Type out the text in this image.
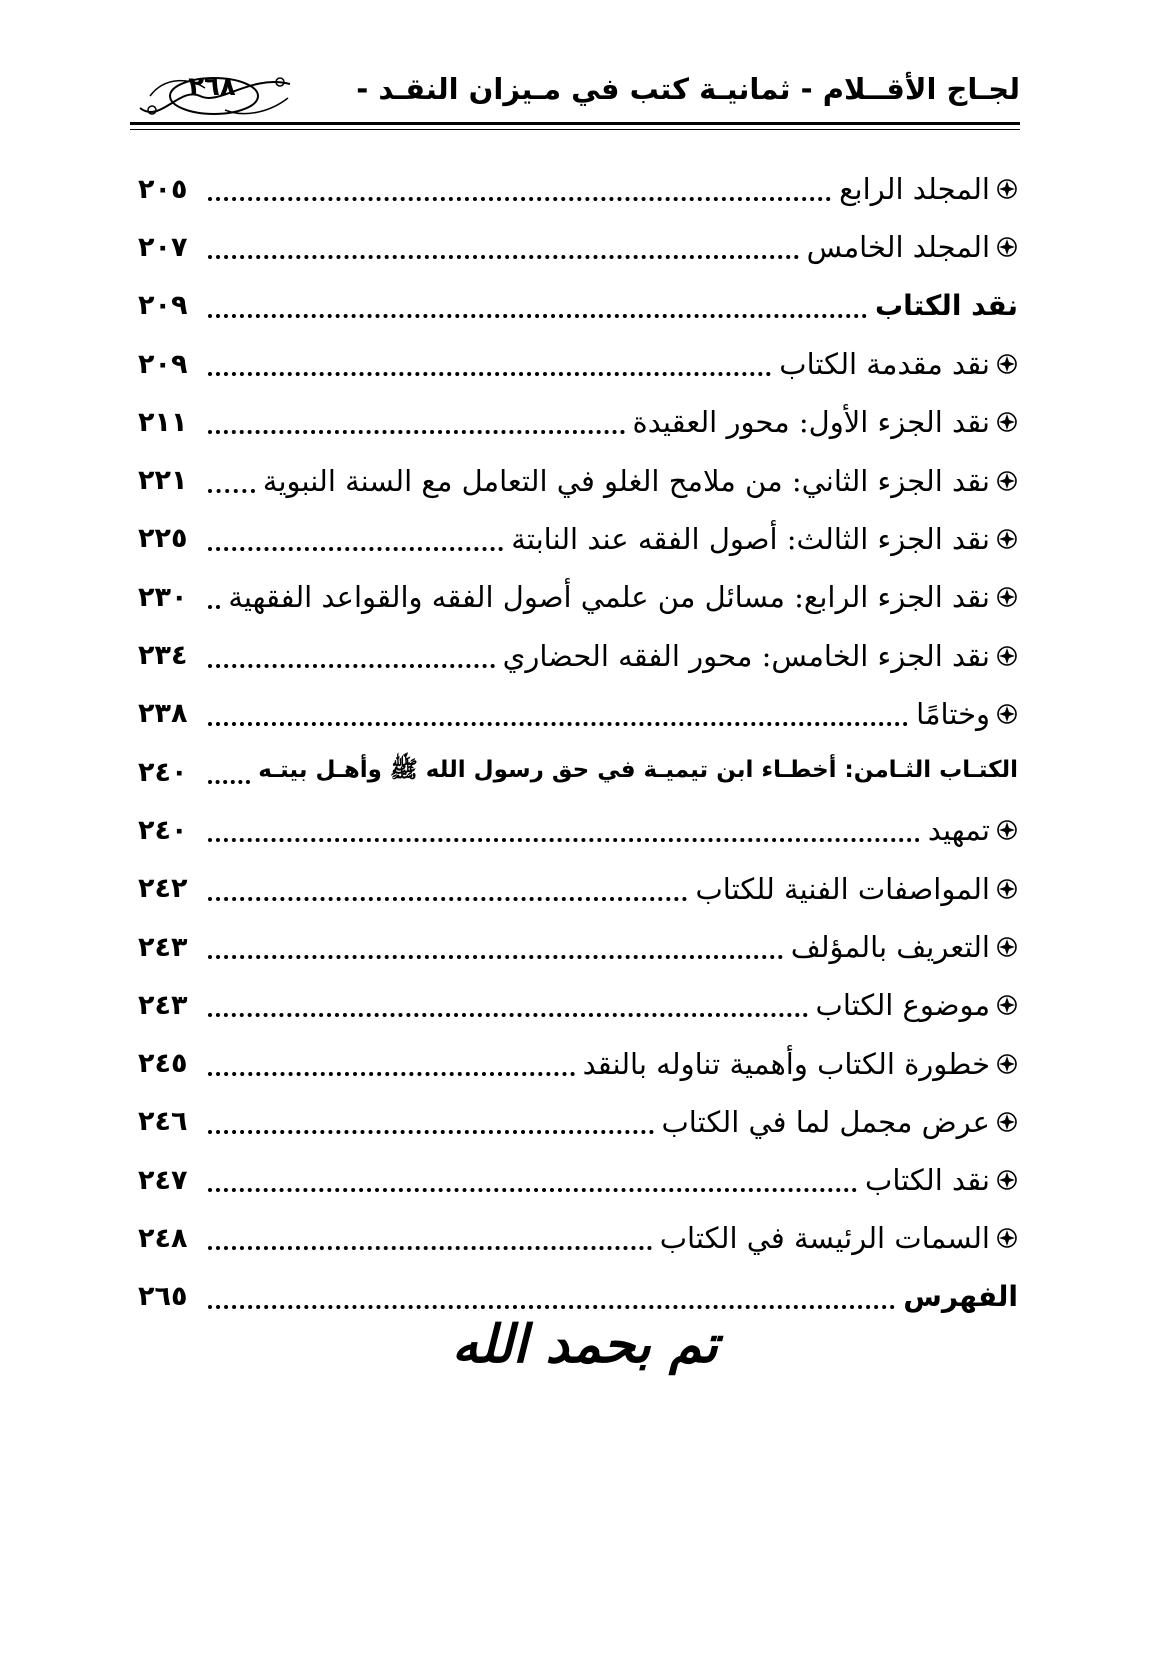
لجـاج الأقــلام - ثمانيـة كتب في مـيزان النقـد -
٢٦٨
المجلد الرابع
٢٠٥
المجلد الخامس
٢٠٧
نقد الكتاب
٢٠٩
نقد مقدمة الكتاب
٢٠٩
نقد الجزء الأول: محور العقيدة
٢١١
نقد الجزء الثاني: من ملامح الغلو في التعامل مع السنة النبوية
٢٢١
نقد الجزء الثالث: أصول الفقه عند النابتة
٢٢٥
نقد الجزء الرابع: مسائل من علمي أصول الفقه والقواعد الفقهية
٢٣٠
نقد الجزء الخامس: محور الفقه الحضاري
٢٣٤
وختامًا
٢٣٨
الكتـاب الثـامن: أخطـاء ابن تيميـة في حق رسول الله ﷺ وأهـل بيتـه
٢٤٠
تمهيد
٢٤٠
المواصفات الفنية للكتاب
٢٤٢
التعريف بالمؤلف
٢٤٣
موضوع الكتاب
٢٤٣
خطورة الكتاب وأهمية تناوله بالنقد
٢٤٥
عرض مجمل لما في الكتاب
٢٤٦
نقد الكتاب
٢٤٧
السمات الرئيسة في الكتاب
٢٤٨
الفهرس
٢٦٥
تم بحمد الله
